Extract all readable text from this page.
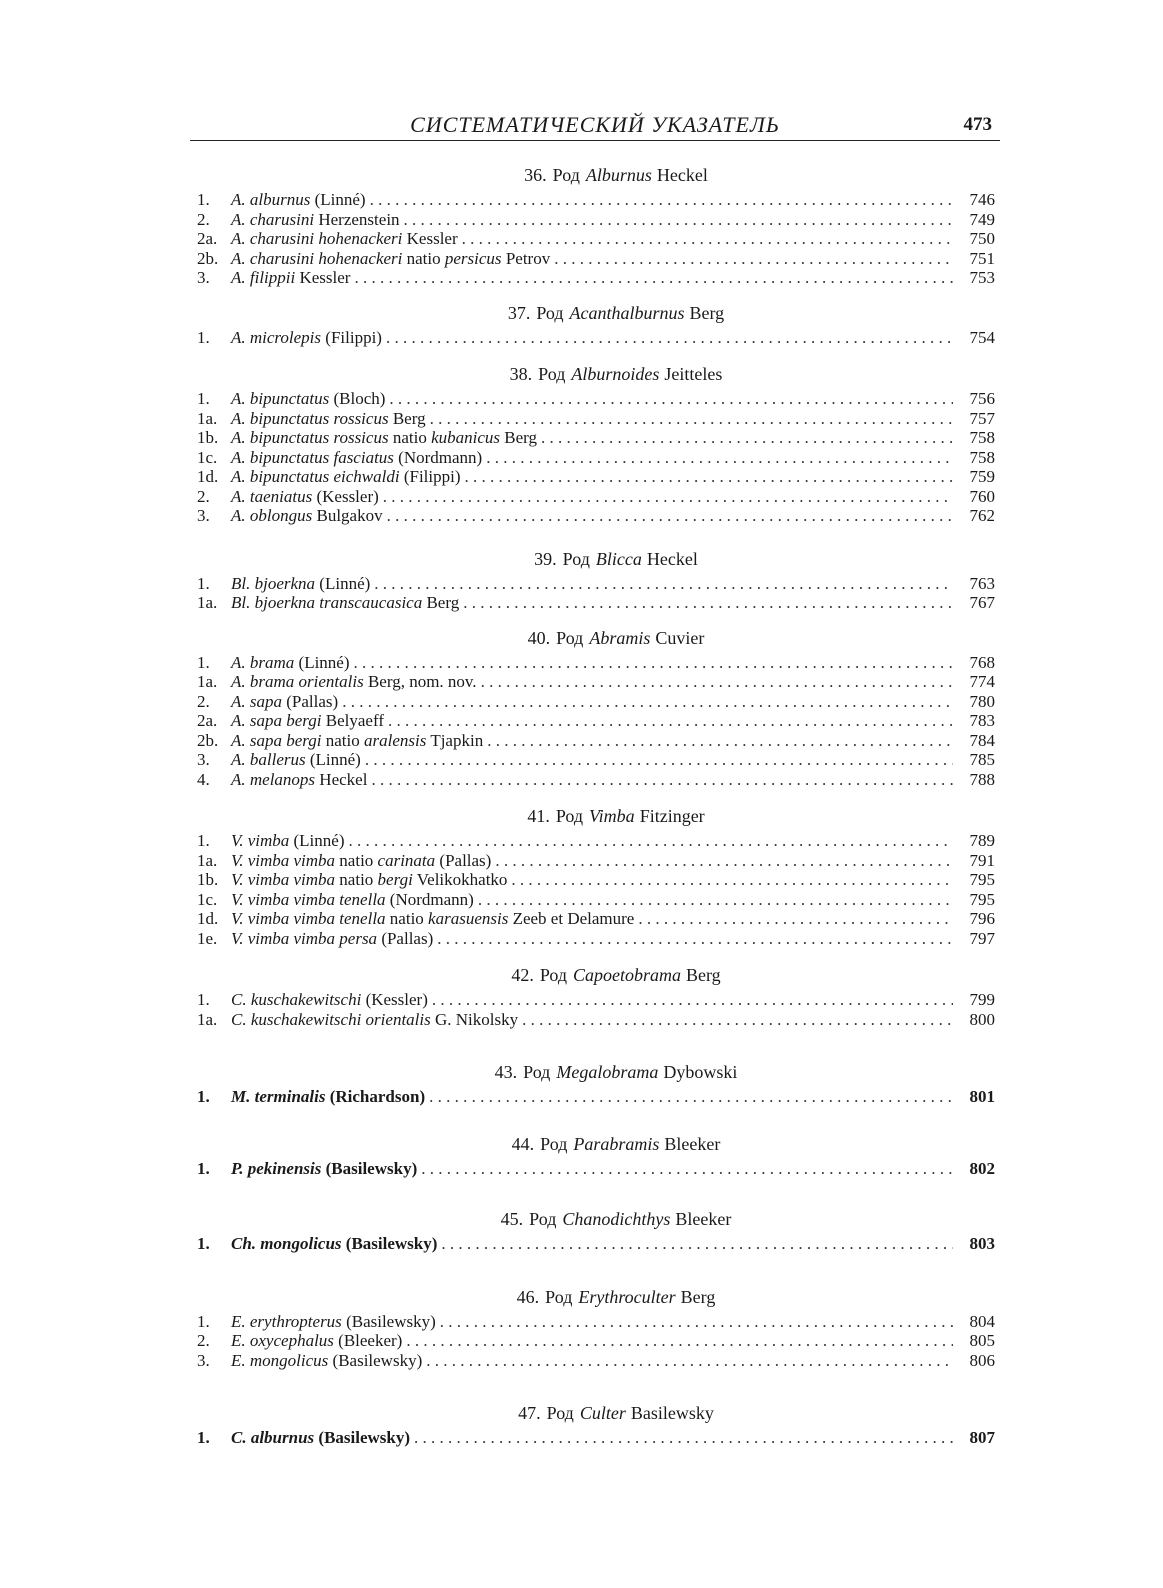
СИСТЕМАТИЧЕСКИЙ УКАЗАТЕЛЬ	473
36. Род Alburnus Heckel
1.	A. alburnus (Linné) . . .	746
2.	A. charusini Herzenstein . . .	749
2a. A. charusini hohenackeri Kessler . . .	750
2b. A. charusini hohenackeri natio persicus Petrov . . .	751
3.	A. filippii Kessler . . .	753
37. Род Acanthalburnus Berg
1.	A. microlepis (Filippi) . . .	754
38. Род Alburnoides Jeitteles
1.	A. bipunctatus (Bloch) . . .	756
1a. A. bipunctatus rossicus Berg . . .	757
1b. A. bipunctatus rossicus natio kubanicus Berg . . .	758
1c. A. bipunctatus fasciatus (Nordmann) . . .	758
1d. A. bipunctatus eichwaldi (Filippi) . . .	759
2.	A. taeniatus (Kessler) . . .	760
3.	A. oblongus Bulgakov . . .	762
39. Род Blicca Heckel
1.	Bl. bjoerkna (Linné) . . .	763
1a. Bl. bjoerkna transcaucasica Berg . . .	767
40. Род Abramis Cuvier
1.	A. brama (Linné) . . .	768
1a. A. brama orientalis Berg, nom. nov. . . .	774
2.	A. sapa (Pallas) . . .	780
2a. A. sapa bergi Belyaeff . . .	783
2b. A. sapa bergi natio aralensis Tjapkin . . .	784
3.	A. ballerus (Linné) . . .	785
4.	A. melanops Heckel . . .	788
41. Род Vimba Fitzinger
1.	V. vimba (Linné) . . .	789
1a. V. vimba vimba natio carinata (Pallas) . . .	791
1b. V. vimba vimba natio bergi Velikokhatko . . .	795
1c. V. vimba vimba tenella (Nordmann) . . .	795
1d. V. vimba vimba tenella natio karasuensis Zeeb et Delamure . . .	796
1e. V. vimba vimba persa (Pallas) . . .	797
42. Род Capoetobrama Berg
1.	C. kuschakewitschi (Kessler) . . .	799
1a. C. kuschakewitschi orientalis G. Nikolsky . . .	800
43. Род Megalobrama Dybowski
1.	M. terminalis (Richardson) . . .	801
44. Род Parabramis Bleeker
1.	P. pekinensis (Basilewsky) . . .	802
45. Род Chanodichthys Bleeker
1.	Ch. mongolicus (Basilewsky) . . .	803
46. Род Erythroculter Berg
1.	E. erythropterus (Basilewsky) . . .	804
2.	E. oxycephalus (Bleeker) . . .	805
3.	E. mongolicus (Basilewsky) . . .	806
47. Род Culter Basilewsky
1.	C. alburnus (Basilewsky) . . .	807
